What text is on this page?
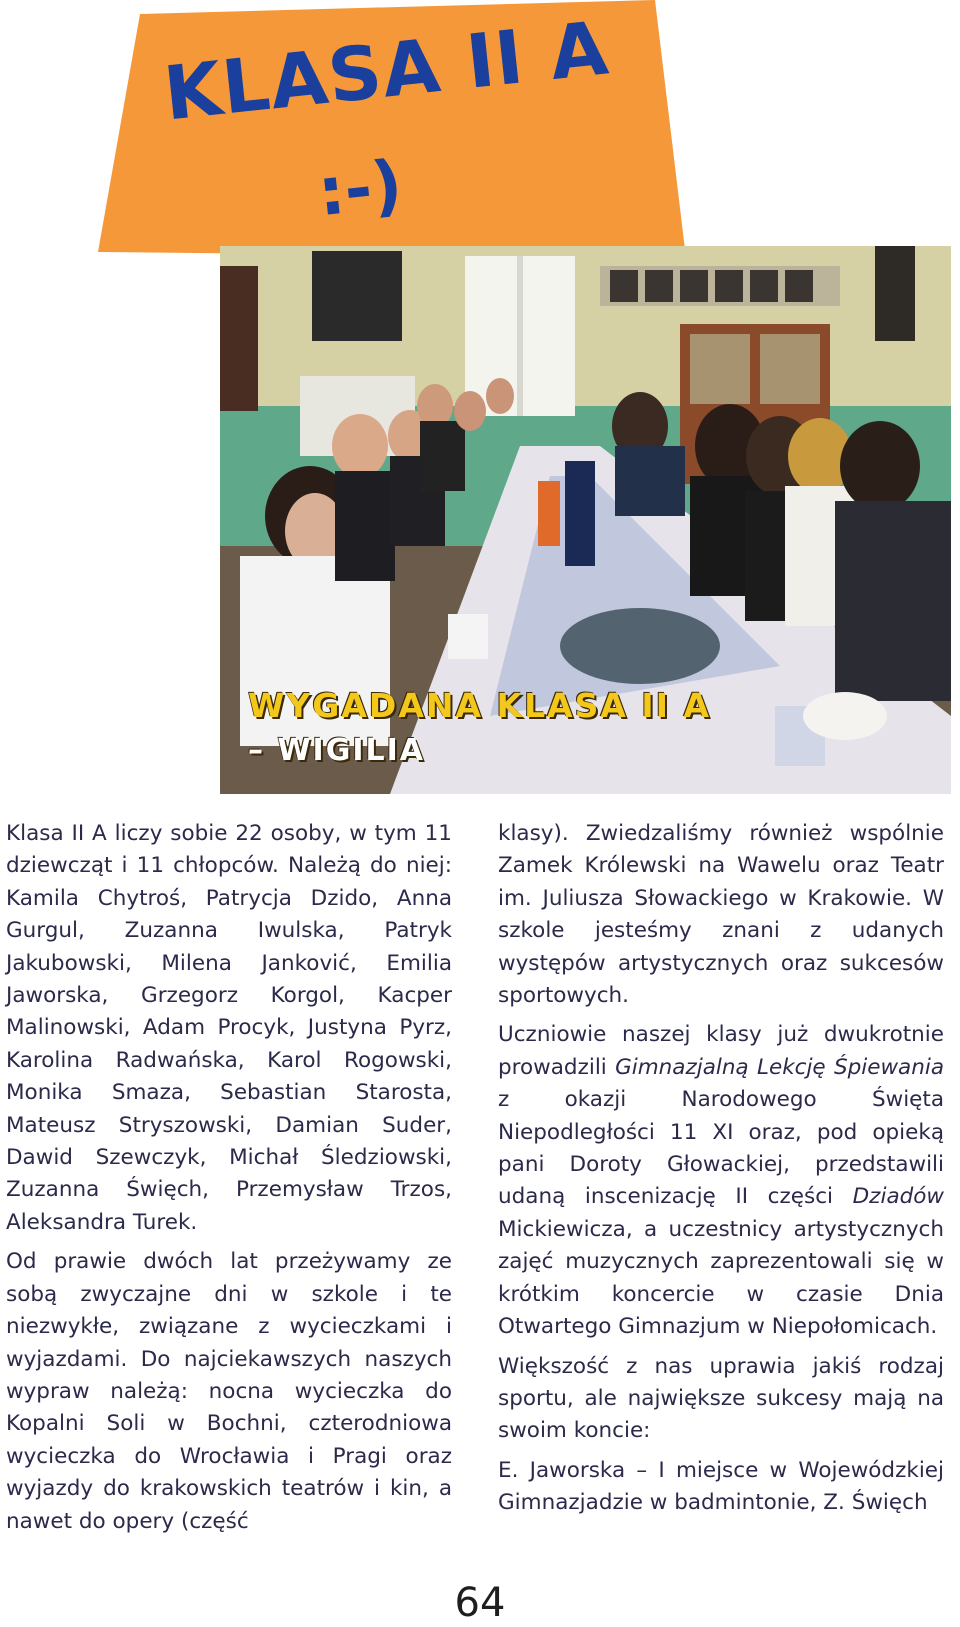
KLASA II A
:-)
WYGADANA KLASA II A
– WIGILIA

Klasa II A liczy sobie 22 osoby, w tym 11 dziewcząt i 11 chłopców. Należą do niej: Kamila Chytroś, Patrycja Dzido, Anna Gurgul, Zuzanna Iwulska, Patryk Jakubowski, Milena Janković, Emilia Jaworska, Grzegorz Korgol, Kacper Malinowski, Adam Procyk, Justyna Pyrz, Karolina Radwańska, Karol Rogowski, Monika Smaza, Sebastian Starosta, Mateusz Stryszowski, Damian Suder, Dawid Szewczyk, Michał Śledziowski, Zuzanna Święch, Przemysław Trzos, Aleksandra Turek.

Od prawie dwóch lat przeżywamy ze sobą zwyczajne dni w szkole i te niezwykłe, związane z wycieczkami i wyjazdami. Do najciekawszych naszych wypraw należą: nocna wycieczka do Kopalni Soli w Bochni, czterodniowa wycieczka do Wrocławia i Pragi oraz wyjazdy do krakowskich teatrów i kin, a nawet do opery (część

klasy). Zwiedzaliśmy również wspólnie Zamek Królewski na Wawelu oraz Teatr im. Juliusza Słowackiego w Krakowie. W szkole jesteśmy znani z udanych występów artystycznych oraz sukcesów sportowych.

Uczniowie naszej klasy już dwukrotnie prowadzili Gimnazjalną Lekcję Śpiewania z okazji Narodowego Święta Niepodległości 11 XI oraz, pod opieką pani Doroty Głowackiej, przedstawili udaną inscenizację II części Dziadów Mickiewicza, a uczestnicy artystycznych zajęć muzycznych zaprezentowali się w krótkim koncercie w czasie Dnia Otwartego Gimnazjum w Niepołomicach.

Większość z nas uprawia jakiś rodzaj sportu, ale największe sukcesy mają na swoim koncie:

E. Jaworska – I miejsce w Wojewódzkiej Gimnazjadzie w badmintonie, Z. Święch

64
